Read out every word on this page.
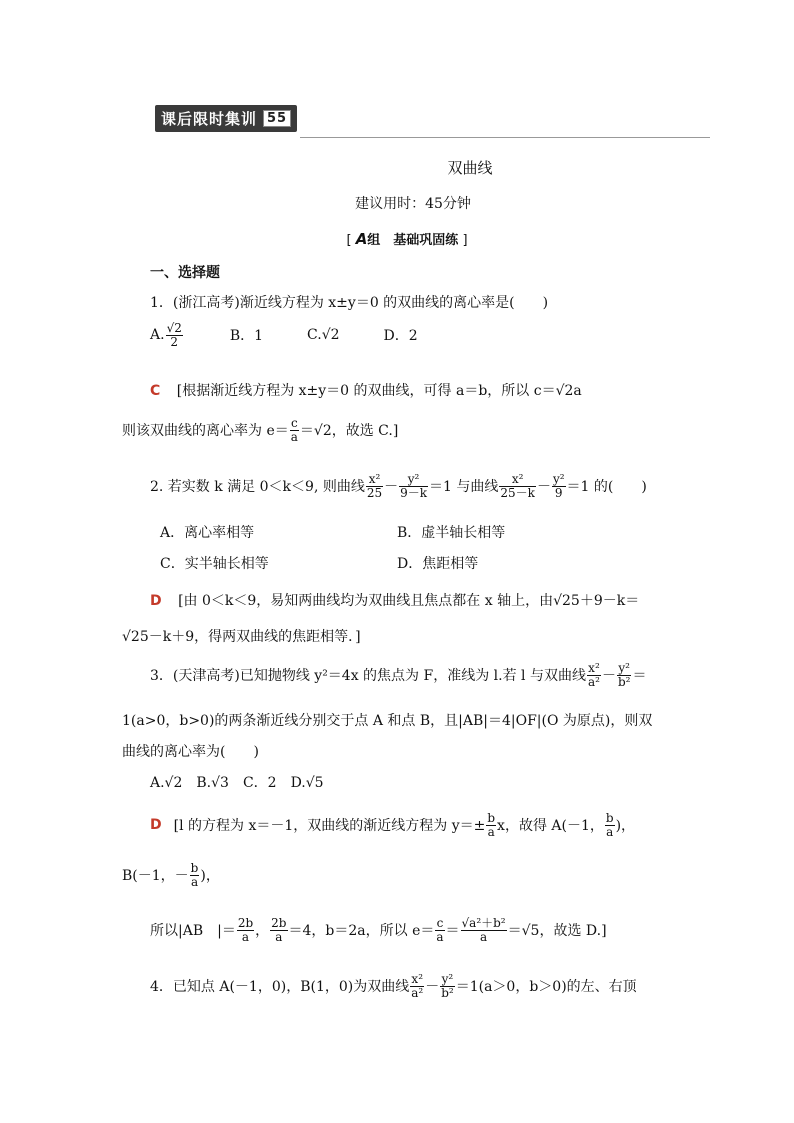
课后限时集训 55
双曲线
建议用时：45分钟
[ A组　基础巩固练 ]
一、选择题
1．(浙江高考)渐近线方程为 x±y＝0 的双曲线的离心率是(　　)
A. $\frac{√2}{2}$	B．1	C.√2	D．2
C [根据渐近线方程为 x±y＝0 的双曲线，可得 a＝b，所以 c＝√2a
则该双曲线的离心率为 $e= \frac{c}{a} =√2$，故选 C.]
2. 若实数 k 满足 0＜k＜9, 则曲线 $\frac{\text{x²}}{25} - \frac{\text{y²}}{9-k} =1$ 与曲线 $\frac{\text{x²}}{25-k} - \frac{\text{y²}}{9} =1$ 的(　　)
A．离心率相等	B．虚半轴长相等
C．实半轴长相等	D．焦距相等
D [由 0＜k＜9，易知两曲线均为双曲线且焦点都在 x 轴上，由√25＋9－k＝
√25－k＋9，得两双曲线的焦距相等．]
3．(天津高考)已知抛物线 y²＝4x 的焦点为 F，准线为 l.若 l 与双曲线 $\frac{\text{x²}}{\text{a²}} - \frac{\text{y²}}{\text{b²}}$ ＝
1(a>0，b>0)的两条渐近线分别交于点 A 和点 B，且|AB|＝4|OF|(O 为原点)，则双
曲线的离心率为(　　)
A.√2　B.√3　C．2　D.√5
D [l 的方程为 x＝－1，双曲线的渐近线方程为 $y=\pm \frac{b}{a}$ x，故得 A(－1， $\frac{b}{a}$ )，
B(－1，－ $\frac{b}{a}$ )，
所以|AB　|＝ $\frac{2b}{a}$ ， $\frac{2b}{a} =4$，b＝2a，所以 $e= \frac{c}{a} = \frac{\text{√a²＋b²}}{a} =√5$，故选 D.]
4．已知点 A(－1，0)，B(1，0)为双曲线 $\frac{\text{x²}}{\text{a²}} - \frac{\text{y²}}{\text{b²}} =1(a>0$，b＞0)的左、右顶
